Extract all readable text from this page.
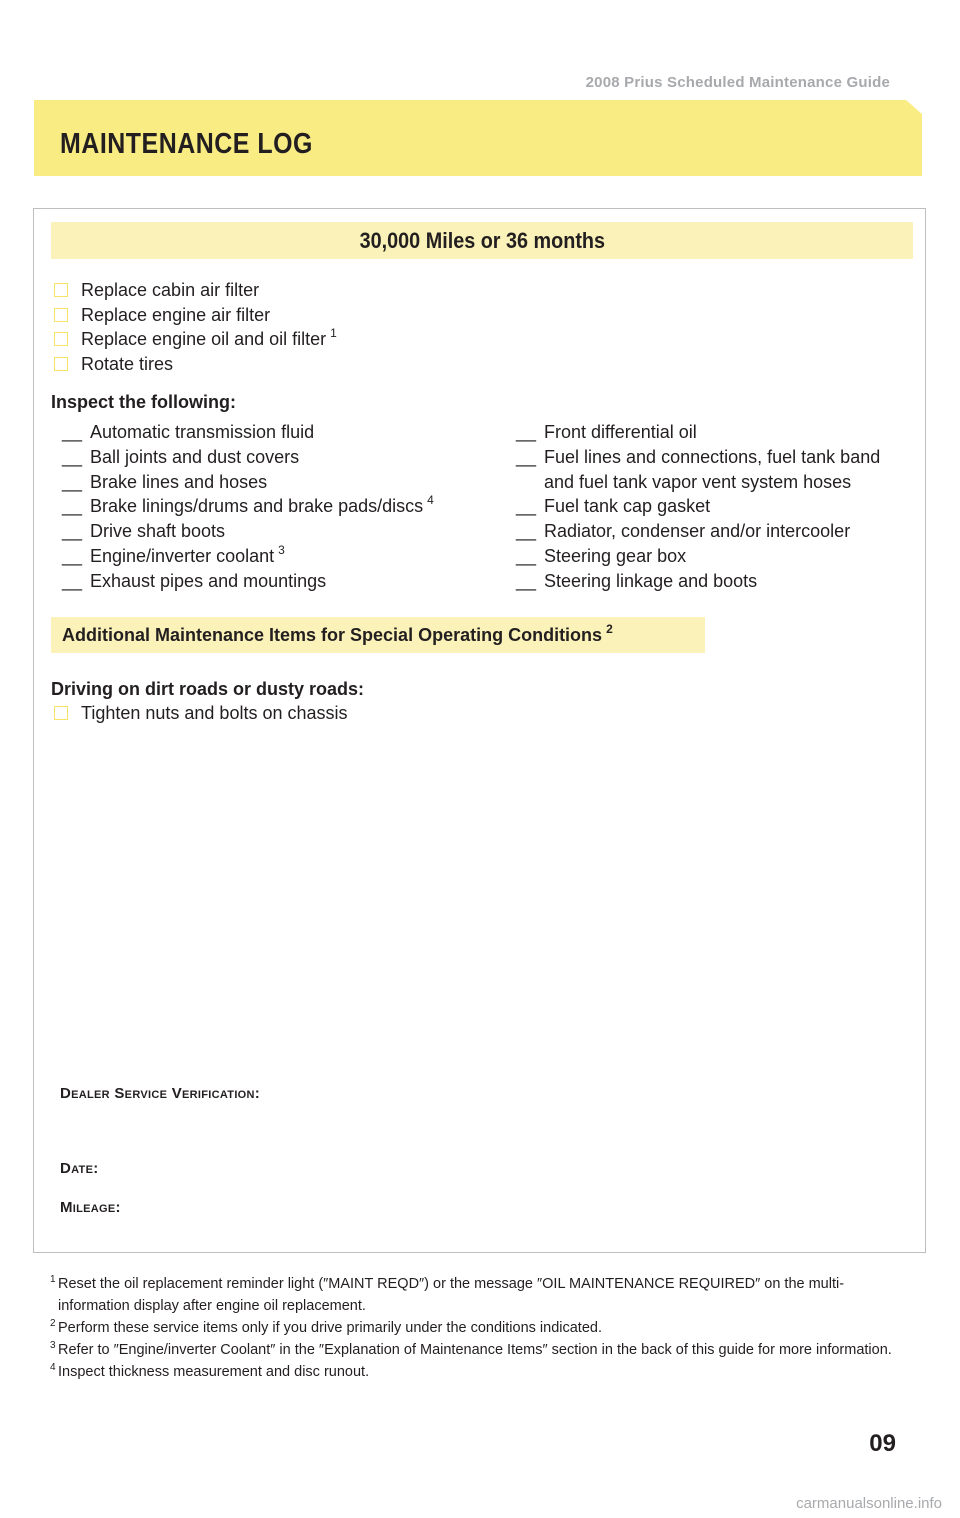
2008 Prius Scheduled Maintenance Guide
MAINTENANCE LOG
30,000 Miles or 36 months
Replace cabin air filter
Replace engine air filter
Replace engine oil and oil filter $^1$
Rotate tires
Inspect the following:
__ Automatic transmission fluid
__ Ball joints and dust covers
__ Brake lines and hoses
__ Brake linings/drums and brake pads/discs $^4$
__ Drive shaft boots
__ Engine/inverter coolant $^3$
__ Exhaust pipes and mountings
__ Front differential oil
__ Fuel lines and connections, fuel tank band
and fuel tank vapor vent system hoses
__ Fuel tank cap gasket
__ Radiator, condenser and/or intercooler
__ Steering gear box
__ Steering linkage and boots
Additional Maintenance Items for Special Operating Conditions $^2$
Driving on dirt roads or dusty roads:
Tighten nuts and bolts on chassis
Dealer Service Verification:
Date:
Mileage:
1 Reset the oil replacement reminder light (″MAINT REQD″) or the message ″OIL MAINTENANCE REQUIRED″ on the multi-information display after engine oil replacement.
2 Perform these service items only if you drive primarily under the conditions indicated.
3 Refer to ″Engine/inverter Coolant″ in the ″Explanation of Maintenance Items″ section in the back of this guide for more information.
4 Inspect thickness measurement and disc runout.
09
carmanualsonline.info
